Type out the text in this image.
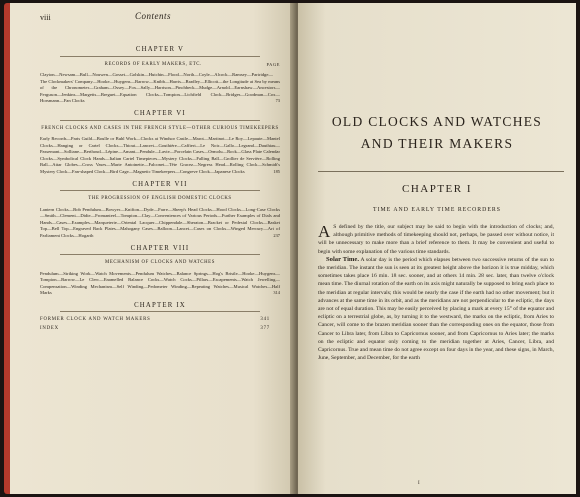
viii	Contents
CHAPTER V
RECORDS OF EARLY MAKERS, ETC.	PAGE
Clayton—Newsam—Bull—Nouwen—Gosset—Golskin—Hutchin—Flood—North—Coyle—Alcock—Ramsey—Partridge—The Clockmakers' Company—Hooke—Huygens—Barrow—Knibb—Harris—Bradley—Ellicott—the Longitude at Sea by means of the Chronometer—Graham—Ossey—Fox—Sally—Harrison—Pinchbeck—Mudge—Arnold—Earnshaw—Ancestors—Ferguson—Jenkins—Margetts—Breguet—Equation Clocks—Tompion—Lichfield Clock—Bridges—Goodman—Cox—Horsmann—Fan Clocks	73
CHAPTER VI
FRENCH CLOCKS AND CASES IN THE FRENCH STYLE—OTHER CURIOUS TIMEKEEPERS
Early Records—Paris Guild—Boulle or Buhl Work—Clocks at Windsor Castle—Marot—Martinot—Le Roy—Lepaute—Mantel Clocks—Hanging or Cartel Clocks—Thiout—Lancret—Gouthière—Caffieri—Le Noir—Gallo—Legrand—Dauthiau—Passemant—Solliane—Berthoud—Lépine—Amant—Pendule—Lavie—Porcelain Cases—Ormolu—Rock—Glass Plate Calendar Clocks—Symbolical Clock Hands—Italian Cartel Timepieces—Mystery Clocks—Falling Ball—Grollier de Servière—Rolling Ball—Attar Globes—Cross Vases—Marie Antoinette—Falconet—Tête Gracez—Negress Head—Rolling Clock—Schmidt's Mystery Clock—Fan-shaped Clock—Bird Cage—Magnetic Timekeepers—Congreve Clock—Japanese Clocks	185
CHAPTER VII
THE PROGRESSION OF ENGLISH DOMESTIC CLOCKS
Lantern Clocks—Bob Pendulum—Bowyer—Knifton—Dyde—Farre—Sheep's Head Clocks—Hood Clocks—Long-Case Clocks—Smith—Clement—Didie—Fromanteel—Tompion—Clay—Conveniences of Various Periods—Further Examples of Dials and Hands—Cases—Examples—Marqueterie—Oriental Lacquer—Chippendale—Sheraton—Bracket or Pedestal Clocks—Basket Top—Bell Top—Engraved Back Plates—Mahogany Cases—Balloon—Lancet—Cases on Clocks—Winged Mercury—Art of Parliament Clocks—Hogarth	237
CHAPTER VIII
MECHANISM OF CLOCKS AND WATCHES
Pendulum—Striking Work—Watch Movements—Pendulum Watches—Balance Springs—Hog's Bristle—Hooke—Huygens—Tompion—Barrow—Le Clerc—Enamelled Balance Cocks—Watch Cocks—Pillars—Escapements—Watch Jewelling—Compensation—Winding Mechanism—Self Winding—Pedometer Winding—Repeating Watches—Musical Watches—Half Marks	314
CHAPTER IX
FORMER CLOCK AND WATCH MAKERS	341
INDEX	377
OLD CLOCKS AND WATCHES
AND THEIR MAKERS
CHAPTER I
TIME AND EARLY TIME RECORDERS

A S defined by the title, our subject may be said to begin with the introduction of clocks; and, although primitive methods of timekeeping should not, perhaps, be passed over without notice, it will be unnecessary to make more than a brief reference to them. It may be convenient and useful to begin with some explanation of the various time standards.

Solar Time. A solar day is the period which elapses between two successive returns of the sun to the meridian. The instant the sun is seen at its greatest height above the horizon it is true midday, which sometimes takes place 16 min. 18 sec. sooner, and at others 14 min. 28 sec. later, than twelve o'clock mean time. The diurnal rotation of the earth on its axis might naturally be supposed to bring each place to the meridian at regular intervals; this would be nearly the case if the earth had no other movement; but it advances at the same time in its orbit, and as the meridians are not perpendicular to the ecliptic, the days are not of equal duration. This may be easily perceived by placing a mark at every 15° of the equator and ecliptic on a terrestrial globe, as, by turning it to the westward, the marks on the ecliptic, from Aries to Cancer, will come to the brazen meridian sooner than the corresponding ones on the equator, those from Cancer to Libra later, from Libra to Capricornus sooner, and from Capricornus to Aries later; the marks on the ecliptic and equator only coming to the meridian together at Aries, Cancer, Libra, and Capricornus. True and mean time do not agree except on four days in the year, and these signs, in March, June, September, and December, for the earth

I
